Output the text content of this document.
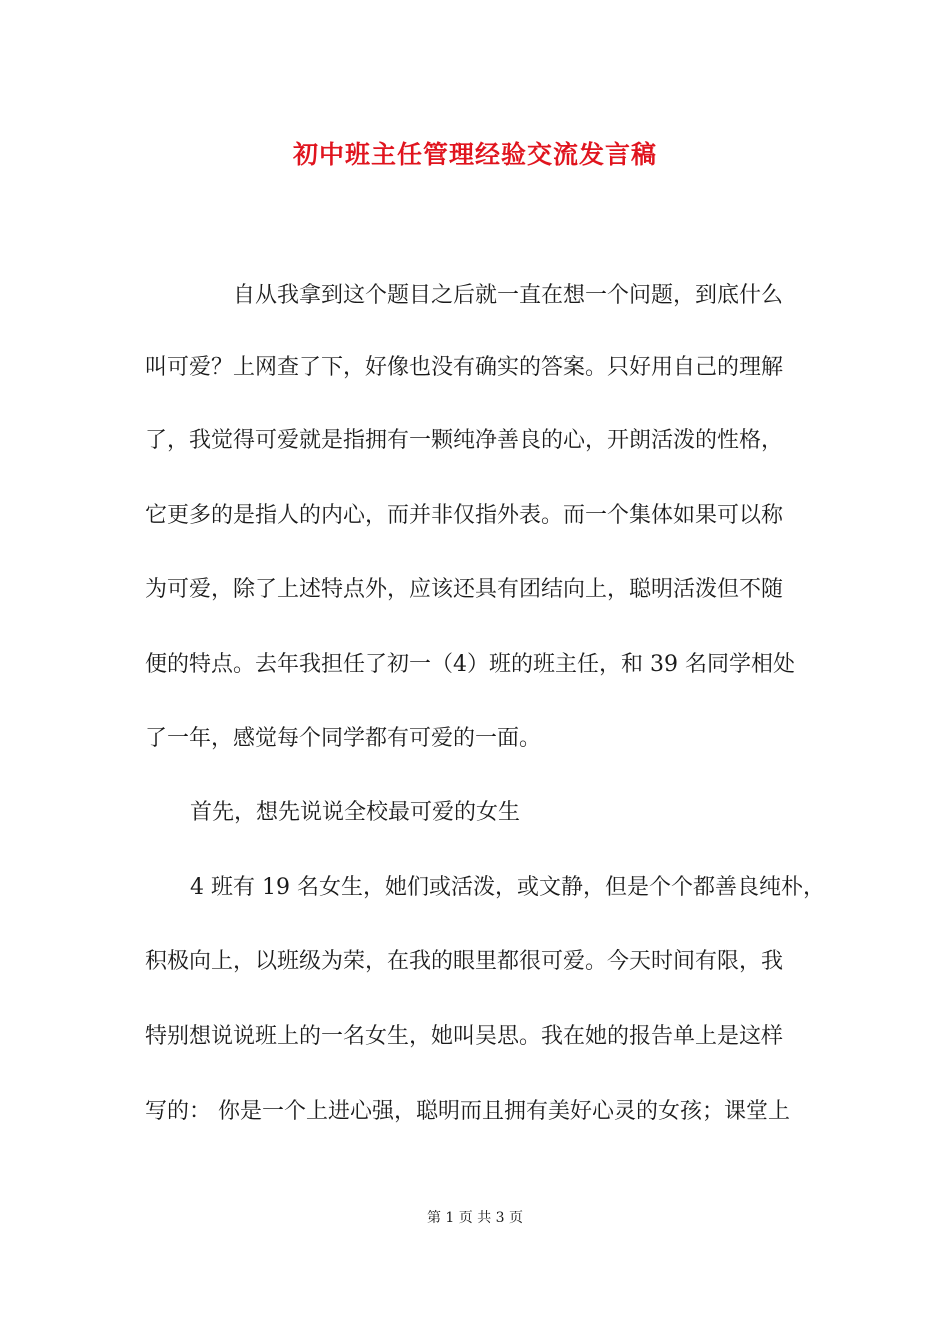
初中班主任管理经验交流发言稿
自从我拿到这个题目之后就一直在想一个问题，到底什么
叫可爱？上网查了下，好像也没有确实的答案。只好用自己的理解
了，我觉得可爱就是指拥有一颗纯净善良的心，开朗活泼的性格，
它更多的是指人的内心，而并非仅指外表。而一个集体如果可以称
为可爱，除了上述特点外，应该还具有团结向上，聪明活泼但不随
便的特点。去年我担任了初一（4）班的班主任，和 39 名同学相处
了一年，感觉每个同学都有可爱的一面。
首先，想先说说全校最可爱的女生
4 班有 19 名女生，她们或活泼，或文静，但是个个都善良纯朴，
积极向上，以班级为荣，在我的眼里都很可爱。今天时间有限，我
特别想说说班上的一名女生，她叫吴思。我在她的报告单上是这样
写的： 你是一个上进心强，聪明而且拥有美好心灵的女孩；课堂上
第 1 页 共 3 页
